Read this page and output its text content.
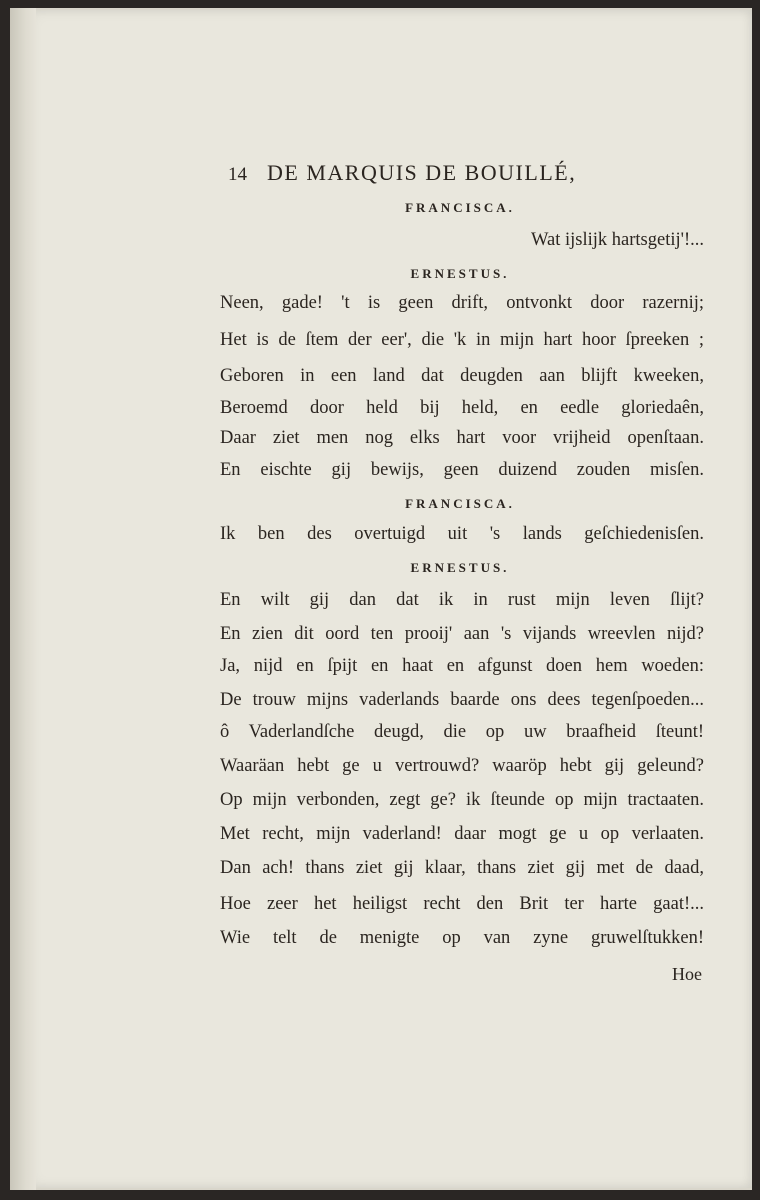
14 DE MARQUIS DE BOUILLÉ,
FRANCISCA.
Wat ijslijk hartsgetij'!...
ERNESTUS.
Neen, gade! 't is geen drift, ontvonkt door razernij;
Het is de ſtem der eer', die 'k in mijn hart hoor ſpreeken ;
Geboren in een land dat deugden aan blijft kweeken,
Beroemd door held bij held, en eedle gloriedaên,
Daar ziet men nog elks hart voor vrijheid openſtaan.
En eischte gij bewijs, geen duizend zouden misſen.
FRANCISCA.
Ik ben des overtuigd uit 's lands geſchiedenisſen.
ERNESTUS.
En wilt gij dan dat ik in rust mijn leven ſlijt?
En zien dit oord ten prooij' aan 's vijands wreevlen nijd?
Ja, nijd en ſpijt en haat en afgunst doen hem woeden:
De trouw mijns vaderlands baarde ons dees tegenſpoeden...
ô Vaderlandſche deugd, die op uw braafheid ſteunt!
Waaräan hebt ge u vertrouwd? waaröp hebt gij geleund?
Op mijn verbonden, zegt ge? ik ſteunde op mijn tractaaten.
Met recht, mijn vaderland! daar mogt ge u op verlaaten.
Dan ach! thans ziet gij klaar, thans ziet gij met de daad,
Hoe zeer het heiligst recht den Brit ter harte gaat!...
Wie telt de menigte op van zyne gruwelſtukken!
Hoe
